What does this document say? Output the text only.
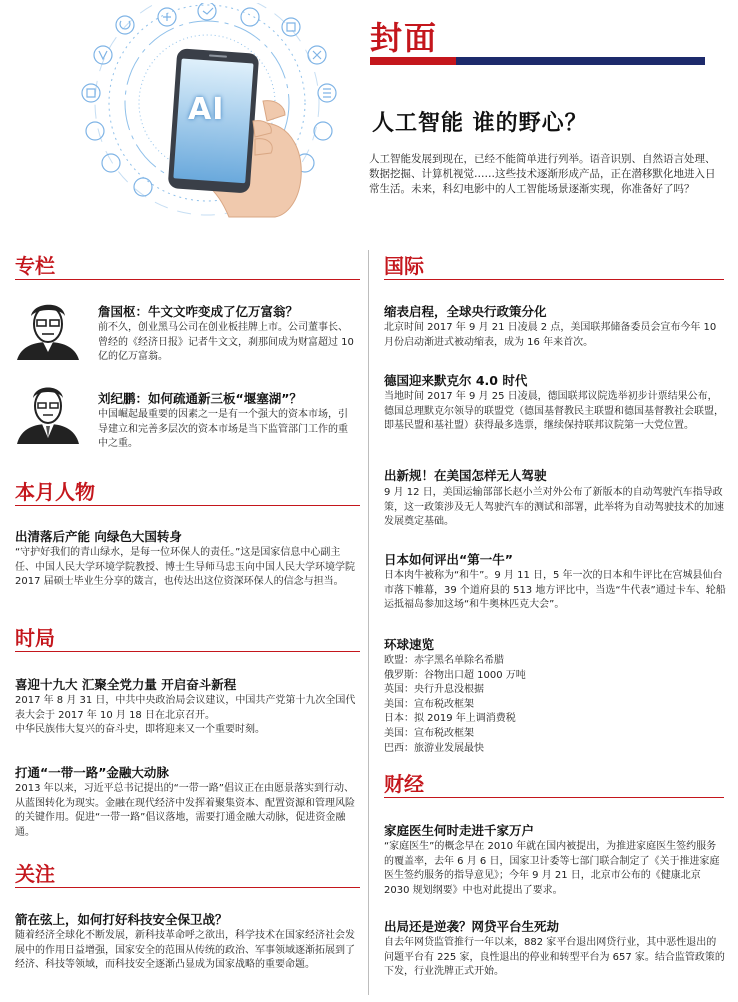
AI
封面
人工智能 谁的野心？
人工智能发展到现在，已经不能简单进行列举。语音识别、自然语言处理、数据挖掘、计算机视觉……这些技术逐渐形成产品，正在潜移默化地进入日常生活。未来，科幻电影中的人工智能场景逐渐实现，你准备好了吗？
专栏
詹国枢：牛文文咋变成了亿万富翁？
前不久，创业黑马公司在创业板挂牌上市。公司董事长、曾经的《经济日报》记者牛文文，刹那间成为财富超过 10 亿的亿万富翁。
刘纪鹏：如何疏通新三板“堰塞湖”？
中国崛起最重要的因素之一是有一个强大的资本市场，引导建立和完善多层次的资本市场是当下监管部门工作的重中之重。
本月人物
出清落后产能 向绿色大国转身
“守护好我们的青山绿水，是每一位环保人的责任。”这是国家信息中心副主任、中国人民大学环境学院教授、博士生导师马忠玉向中国人民大学环境学院 2017 届硕士毕业生分享的箴言，也传达出这位资深环保人的信念与担当。
时局
喜迎十九大 汇聚全党力量 开启奋斗新程
2017 年 8 月 31 日，中共中央政治局会议建议，中国共产党第十九次全国代表大会于 2017 年 10 月 18 日在北京召开。
中华民族伟大复兴的奋斗史，即将迎来又一个重要时刻。
打通“一带一路”金融大动脉
2013 年以来，习近平总书记提出的“一带一路”倡议正在由愿景落实到行动、从蓝图转化为现实。金融在现代经济中发挥着聚集资本、配置资源和管理风险的关键作用。促进“一带一路”倡议落地，需要打通金融大动脉，促进资金融通。
关注
箭在弦上，如何打好科技安全保卫战？
随着经济全球化不断发展，新科技革命呼之欲出，科学技术在国家经济社会发展中的作用日益增强，国家安全的范围从传统的政治、军事领域逐渐拓展到了经济、科技等领域，而科技安全逐渐凸显成为国家战略的重要命题。
国际
缩表启程，全球央行政策分化
北京时间 2017 年 9 月 21 日凌晨 2 点，美国联邦储备委员会宣布今年 10 月份启动渐进式被动缩表，成为 16 年来首次。
德国迎来默克尔 4.0 时代
当地时间 2017 年 9 月 25 日凌晨，德国联邦议院选举初步计票结果公布，德国总理默克尔领导的联盟党（德国基督教民主联盟和德国基督教社会联盟，即基民盟和基社盟）获得最多选票，继续保持联邦议院第一大党位置。
出新规！在美国怎样无人驾驶
9 月 12 日，美国运输部部长赵小兰对外公布了新版本的自动驾驶汽车指导政策，这一政策涉及无人驾驶汽车的测试和部署，此举将为自动驾驶技术的加速发展奠定基础。
日本如何评出“第一牛”
日本肉牛被称为“和牛”。9 月 11 日，5 年一次的日本和牛评比在宫城县仙台市落下帷幕，39 个道府县的 513 地方评比中，当选“牛代表”通过卡车、轮船运抵福岛参加这场“和牛奥林匹克大会”。
环球速览
欧盟：赤字黑名单除名希腊
俄罗斯：谷物出口超 1000 万吨
英国：央行升息没根据
美国：宣布税改框架
日本：拟 2019 年上调消费税
美国：宣布税改框架
巴西：旅游业发展最快
财经
家庭医生何时走进千家万户
“家庭医生”的概念早在 2010 年就在国内被提出，为推进家庭医生签约服务的覆盖率，去年 6 月 6 日，国家卫计委等七部门联合制定了《关于推进家庭医生签约服务的指导意见》；今年 9 月 21 日，北京市公布的《健康北京 2030 规划纲要》中也对此提出了要求。
出局还是逆袭？网贷平台生死劫
自去年网贷监管推行一年以来，882 家平台退出网贷行业，其中恶性退出的问题平台有 225 家，良性退出的停业和转型平台为 657 家。结合监管政策的下发，行业洗牌正式开始。
